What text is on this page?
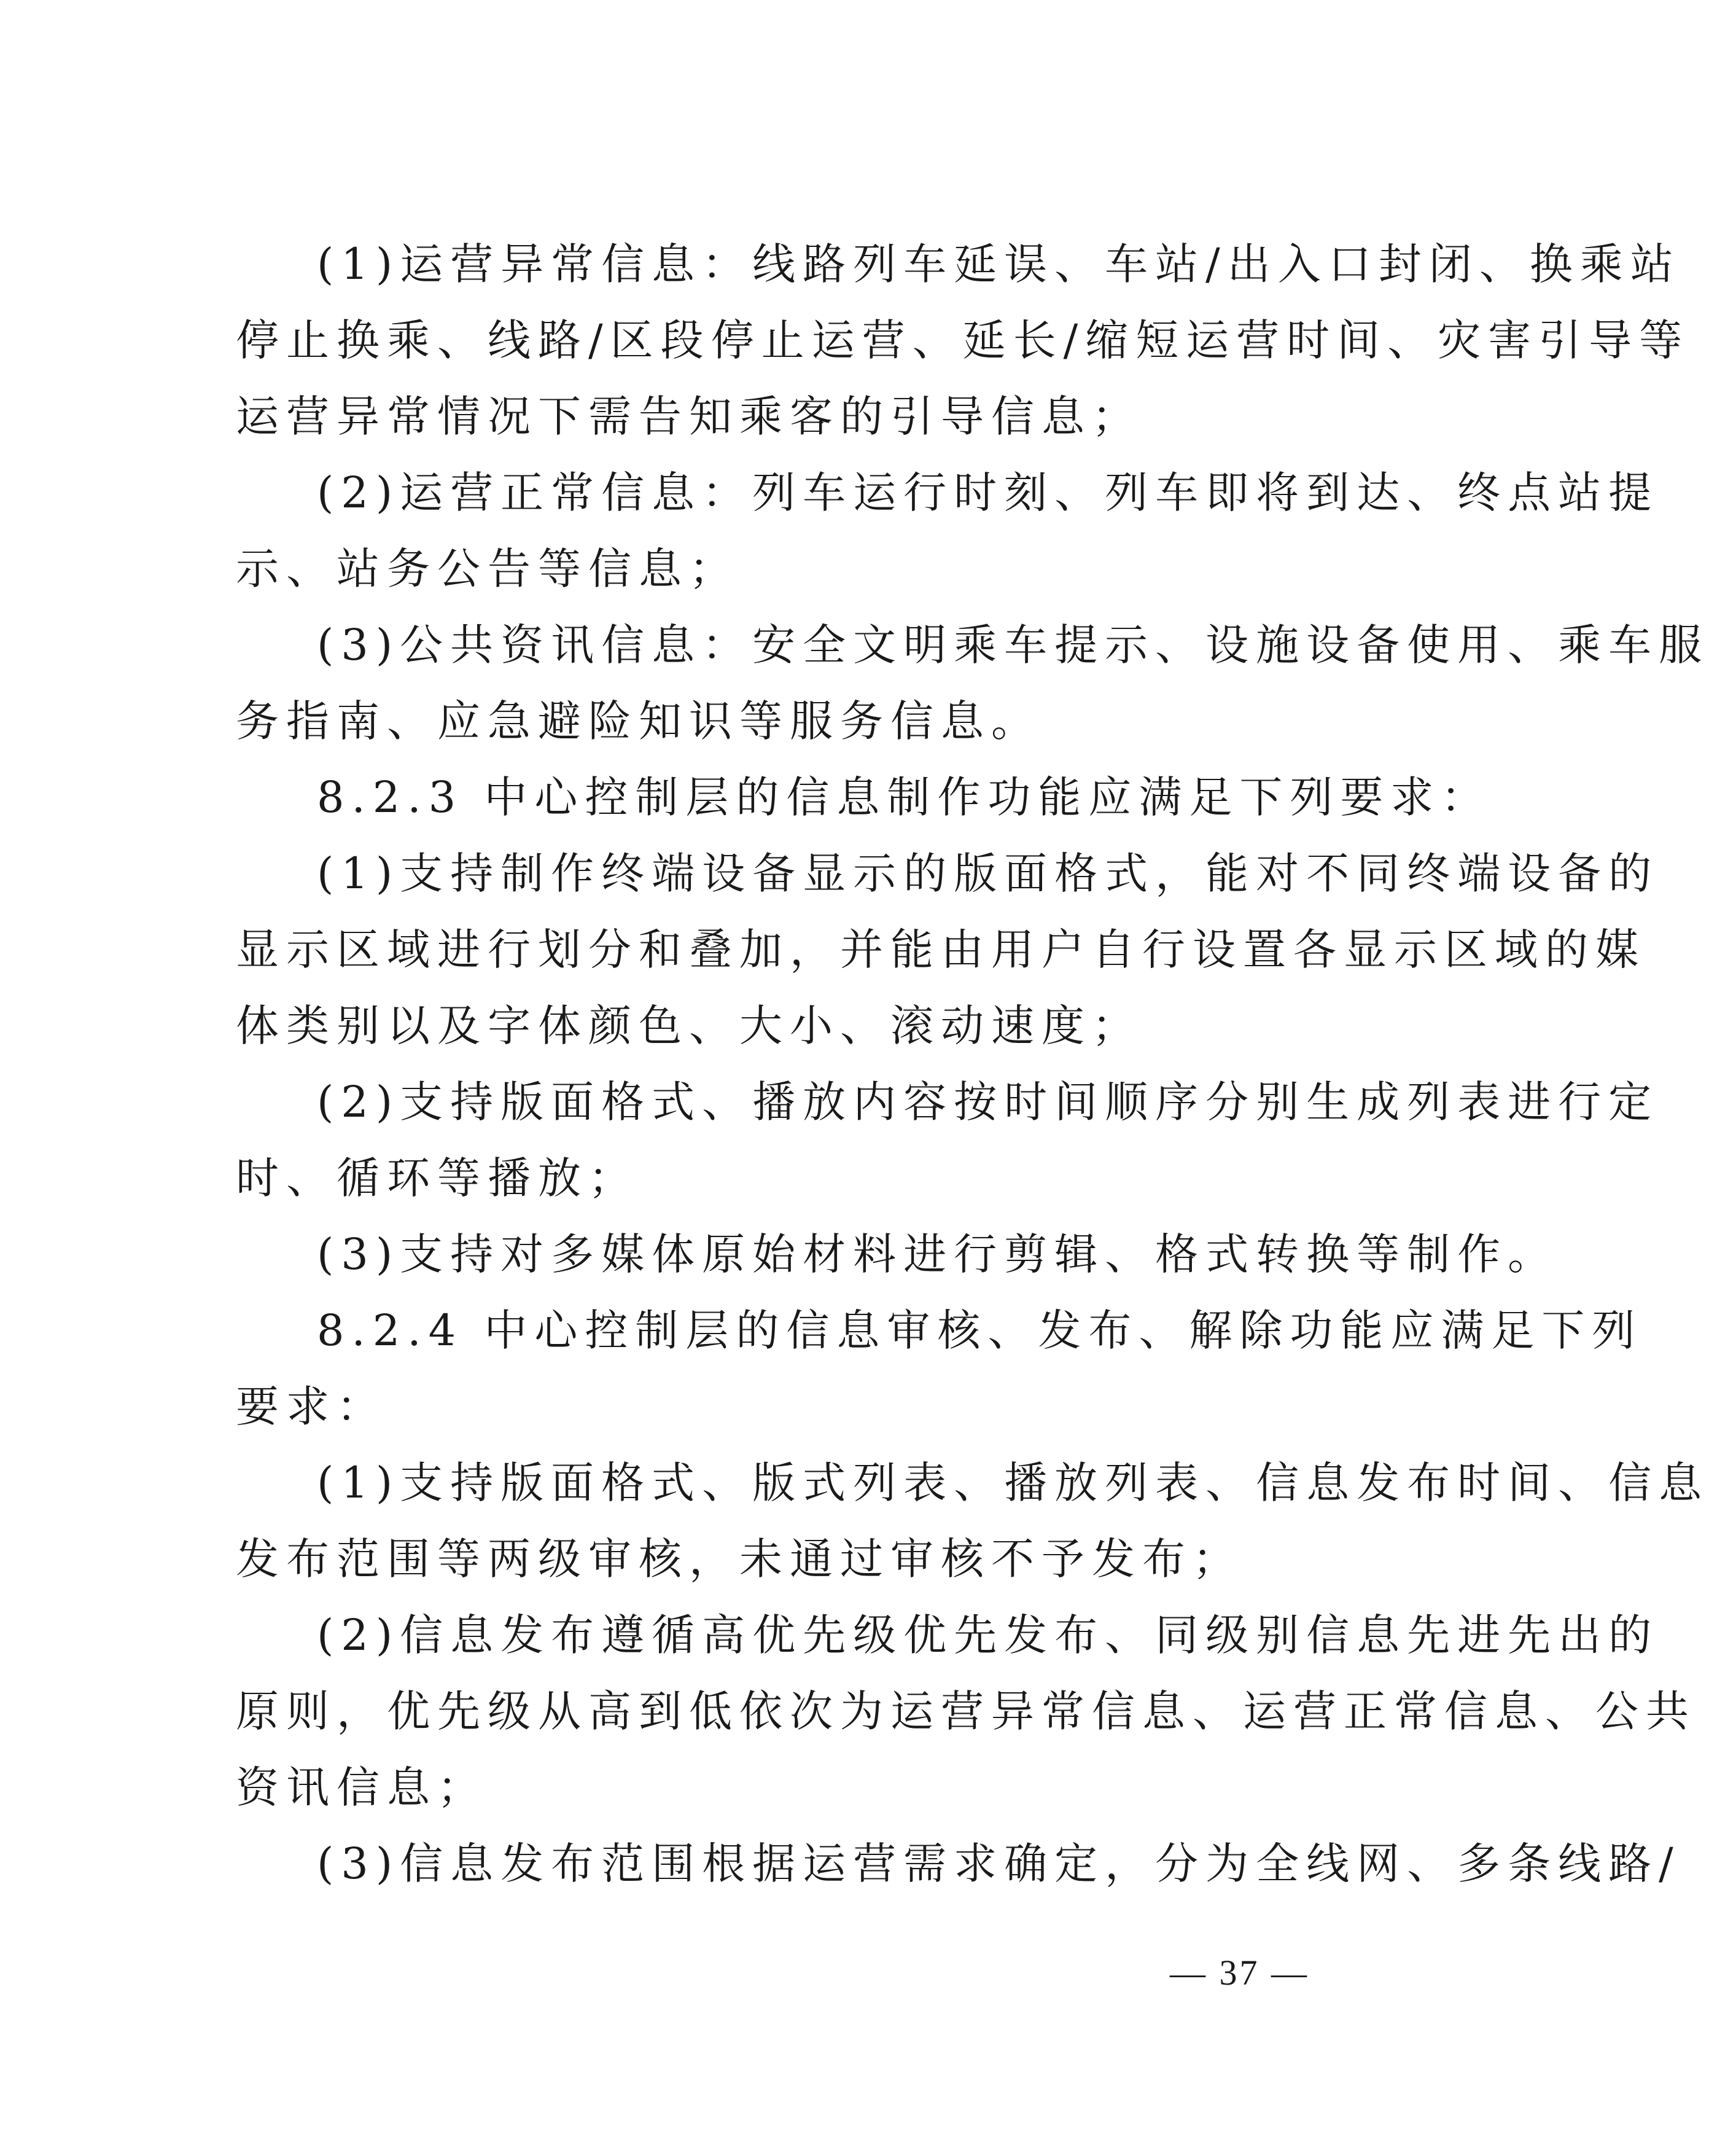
(1)运营异常信息：线路列车延误、车站/出入口封闭、换乘站
停止换乘、线路/区段停止运营、延长/缩短运营时间、灾害引导等
运营异常情况下需告知乘客的引导信息；
(2)运营正常信息：列车运行时刻、列车即将到达、终点站提
示、站务公告等信息；
(3)公共资讯信息：安全文明乘车提示、设施设备使用、乘车服
务指南、应急避险知识等服务信息。
8.2.3 中心控制层的信息制作功能应满足下列要求：
(1)支持制作终端设备显示的版面格式，能对不同终端设备的
显示区域进行划分和叠加，并能由用户自行设置各显示区域的媒
体类别以及字体颜色、大小、滚动速度；
(2)支持版面格式、播放内容按时间顺序分别生成列表进行定
时、循环等播放；
(3)支持对多媒体原始材料进行剪辑、格式转换等制作。
8.2.4 中心控制层的信息审核、发布、解除功能应满足下列
要求：
(1)支持版面格式、版式列表、播放列表、信息发布时间、信息
发布范围等两级审核，未通过审核不予发布；
(2)信息发布遵循高优先级优先发布、同级别信息先进先出的
原则，优先级从高到低依次为运营异常信息、运营正常信息、公共
资讯信息；
(3)信息发布范围根据运营需求确定，分为全线网、多条线路/
— 37 —
